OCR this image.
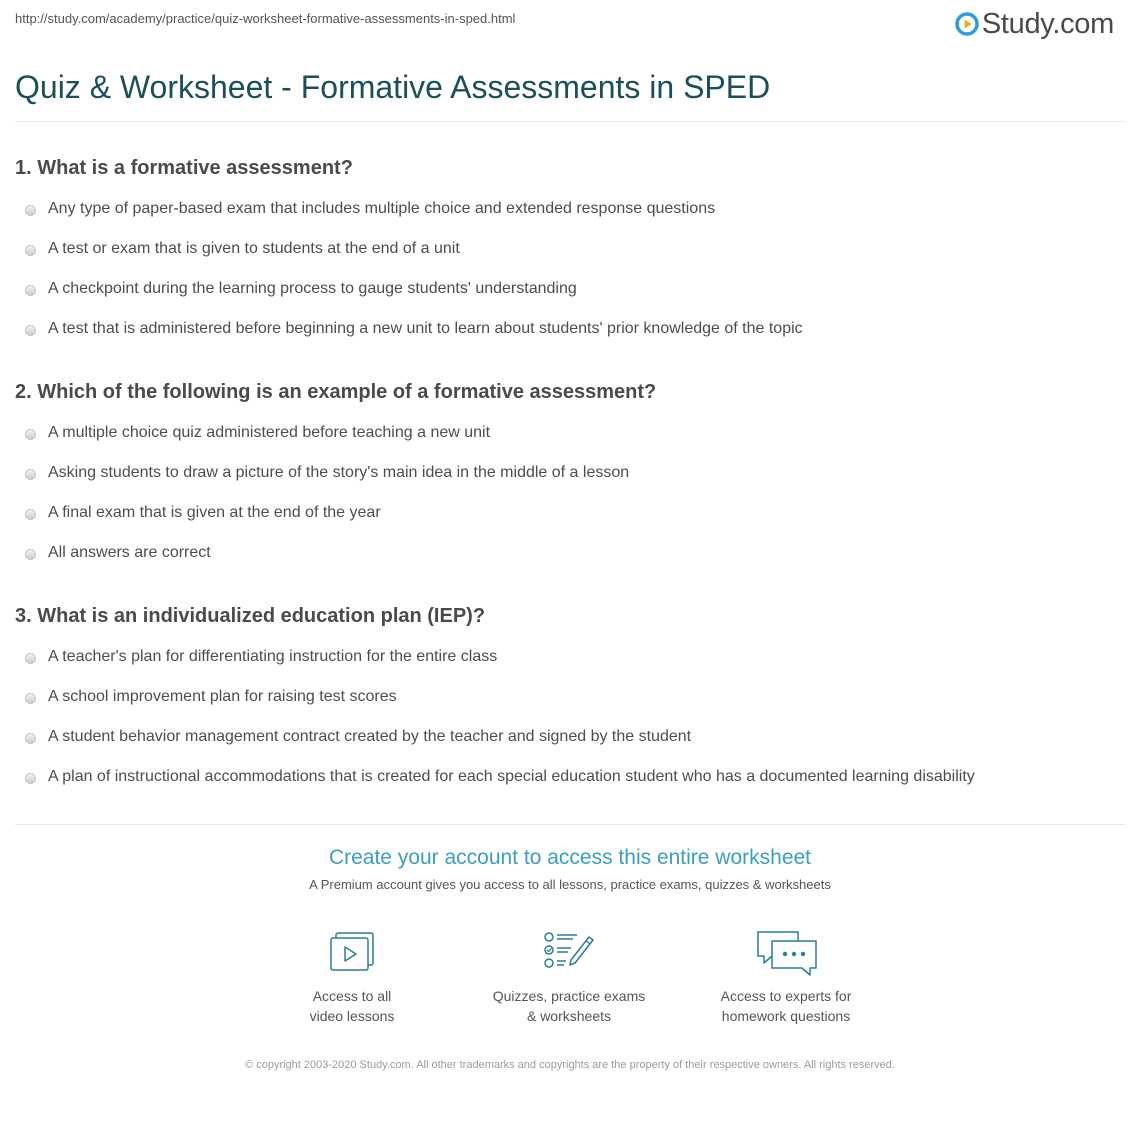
http://study.com/academy/practice/quiz-worksheet-formative-assessments-in-sped.html	Study.com
Quiz & Worksheet - Formative Assessments in SPED
1. What is a formative assessment?
Any type of paper-based exam that includes multiple choice and extended response questions
A test or exam that is given to students at the end of a unit
A checkpoint during the learning process to gauge students' understanding
A test that is administered before beginning a new unit to learn about students' prior knowledge of the topic
2. Which of the following is an example of a formative assessment?
A multiple choice quiz administered before teaching a new unit
Asking students to draw a picture of the story's main idea in the middle of a lesson
A final exam that is given at the end of the year
All answers are correct
3. What is an individualized education plan (IEP)?
A teacher's plan for differentiating instruction for the entire class
A school improvement plan for raising test scores
A student behavior management contract created by the teacher and signed by the student
A plan of instructional accommodations that is created for each special education student who has a documented learning disability
Create your account to access this entire worksheet
A Premium account gives you access to all lessons, practice exams, quizzes & worksheets
Access to all
video lessons
Quizzes, practice exams
& worksheets
Access to experts for
homework questions
© copyright 2003-2020 Study.com. All other trademarks and copyrights are the property of their respective owners. All rights reserved.
